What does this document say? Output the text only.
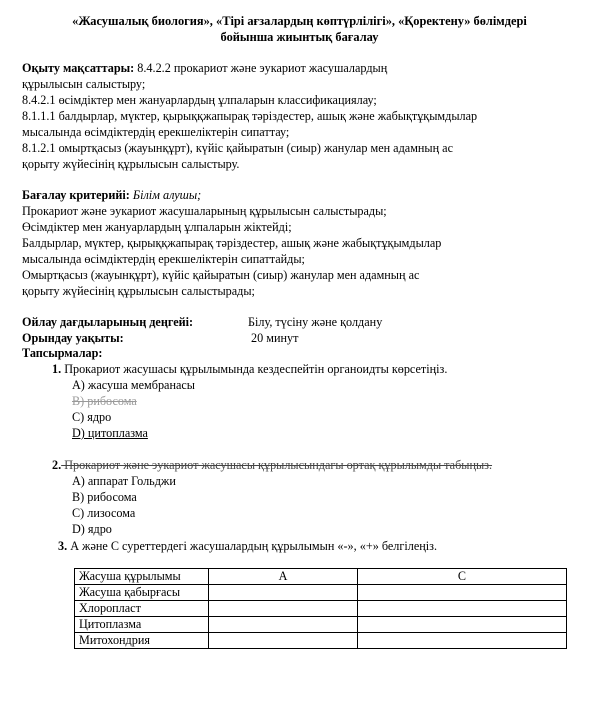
«Жасушалық биология», «Тірі ағзалардың көптүрлілігі», «Қоректену» бөлімдері
бойынша жиынтық бағалау
Оқыту мақсаттары: 8.4.2.2 прокариот және эукариот жасушалардың
құрылысын салыстыру;
8.4.2.1 өсімдіктер мен жануарлардың ұлпаларын классификациялау;
8.1.1.1 балдырлар, мүктер, қырыққжапырақ тәріздестер, ашық және жабықтұқымдылар
мысалында өсімдіктердің ерекшеліктерін сипаттау;
8.1.2.1 омыртқасыз (жауынқұрт), күйіс қайыратын (сиыр) жанулар мен адамның ас
қорыту жүйесінің құрылысын салыстыру.
Бағалау критерийі: Білім алушы;
Прокариот және эукариот жасушаларының құрылысын салыстырады;
Өсімдіктер мен жануарлардың ұлпаларын жіктейді;
Балдырлар, мүктер, қырыққжапырақ тәріздестер, ашық және жабықтұқымдылар
мысалында өсімдіктердің ерекшеліктерін сипаттайды;
Омыртқасыз (жауынқұрт), күйіс қайыратын (сиыр) жанулар мен адамның ас
қорыту жүйесінің құрылысын салыстырады;
Ойлау дағдыларының деңгейі:	Білу, түсіну және қолдану
Орындау уақыты:	20 минут
Тапсырмалар:
1. Прокариот жасушасы құрылымында кездеспейтін органоидты көрсетіңіз.
A) жасуша мембранасы
B) рибосома
C) ядро
D) цитоплазма
2. Прокариот және эукариот жасушасы құрылысындағы ортақ құрылымды табыңыз.
A) аппарат Гольджи
B) рибосома
C) лизосома
D) ядро
3. А және С суреттердегі жасушалардың құрылымын «-», «+» белгілеңіз.
Жасуша құрылымы	A	C
Жасуша қабырғасы		
Хлоропласт		
Цитоплазма		
Митохондрия		
